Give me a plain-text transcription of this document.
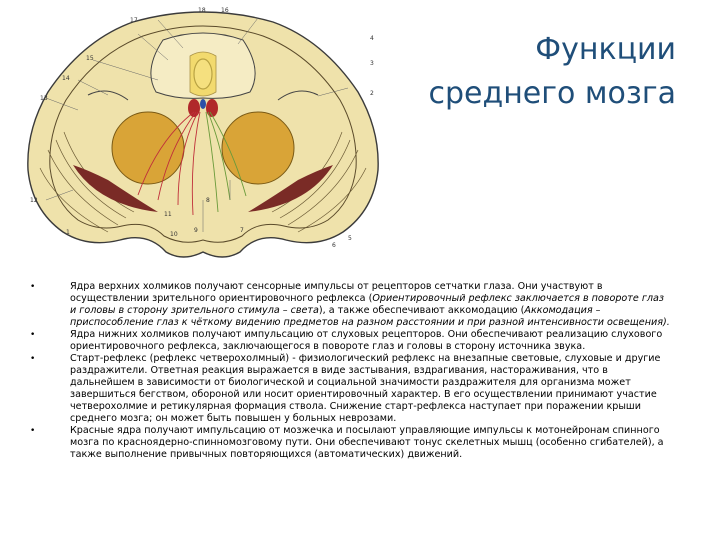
Функции
среднего мозга
1
2
3
4
5
6
7
8
9
10
11
12
13
14
15
16
17
18
•	Ядра верхних холмиков получают сенсорные импульсы от рецепторов сетчатки глаза. Они участвуют в осуществлении зрительного ориентировочного рефлекса (Ориентировочный рефлекс заключается в повороте глаз и головы в сторону зрительного стимула – света), а также обеспечивают аккомодацию (Аккомодация – приспособление глаз к чёткому видению предметов на разном расстоянии и при разной интенсивности освещения).
•	Ядра нижних холмиков получают импульсацию от слуховых рецепторов. Они обеспечивают реализацию слухового ориентировочного рефлекса, заключающегося в повороте глаз и головы в сторону источника звука.
•	Старт-рефлекс (рефлекс четверохолмный) - физиологический рефлекс на внезапные световые, слуховые и другие раздражители. Ответная реакция выражается в виде застывания, вздрагивания, настораживания, что в дальнейшем в зависимости от биологической и социальной значимости раздражителя для организма может завершиться бегством, обороной или носит ориентировочный характер. В его осуществлении принимают участие четверохолмие и ретикулярная формация ствола. Снижение старт-рефлекса наступает при поражении крыши среднего мозга; он может быть повышен у больных неврозами.
•	Красные ядра получают импульсацию от мозжечка и посылают управляющие импульсы к мотонейронам спинного мозга по красноядерно-спинномозговому пути. Они обеспечивают тонус скелетных мышц (особенно сгибателей), а также выполнение привычных повторяющихся (автоматических) движений.
